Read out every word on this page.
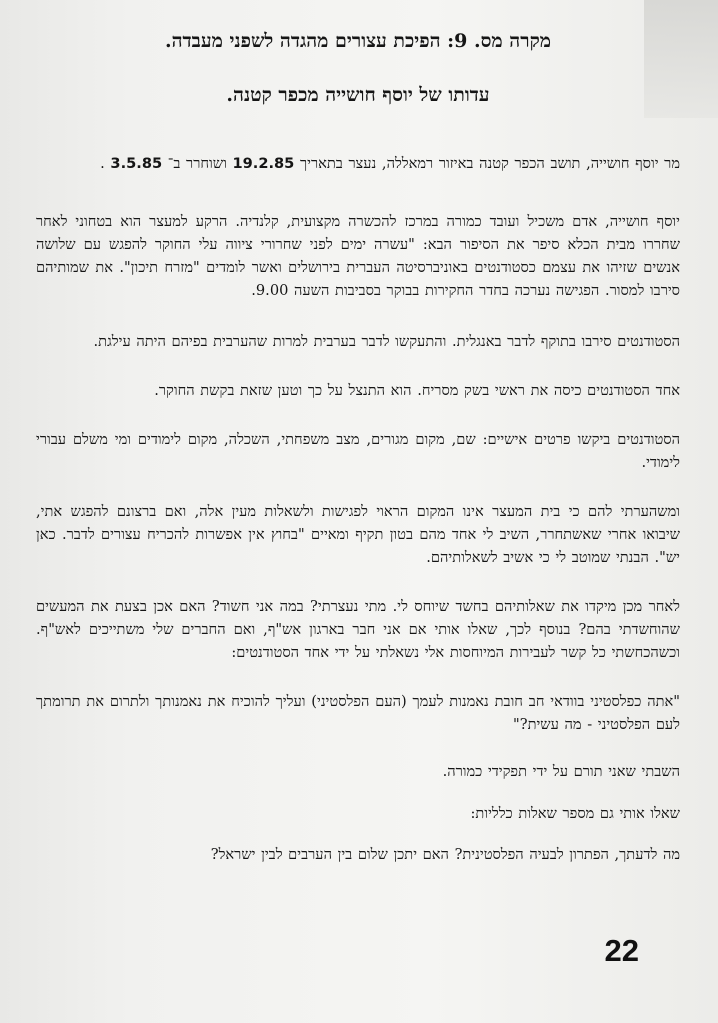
מקרה מס. 9: הפיכת עצורים מהגדה לשפני מעבדה.
עדותו של יוסף חושייה מכפר קטנה.

מר יוסף חושייה, תושב הכפר קטנה באיזור רמאללה, נעצר בתאריך 19.2.85 ושוחרר ב־ 3.5.85 .

יוסף חושייה, אדם משכיל ועובד כמורה במרכז להכשרה מקצועית, קלנדיה. הרקע למעצר הוא בטחוני לאחר שחררו מבית הכלא סיפר את הסיפור הבא: "עשרה ימים לפני שחרורי ציווה עלי החוקר להפגש עם שלושה אנשים שזיהו את עצמם כסטודנטים באוניברסיטה העברית בירושלים ואשר לומדים "מזרח תיכון". את שמותיהם סירבו למסור. הפגישה נערכה בחדר החקירות בבוקר בסביבות השעה 9.00.

הסטודנטים סירבו בתוקף לדבר באנגלית. והתעקשו לדבר בערבית למרות שהערבית בפיהם היתה עילגת.

אחד הסטודנטים כיסה את ראשי בשק מסריח. הוא התנצל על כך וטען שזאת בקשת החוקר.

הסטודנטים ביקשו פרטים אישיים: שם, מקום מגורים, מצב משפחתי, השכלה, מקום לימודים ומי משלם עבורי לימודי.

ומשהערתי להם כי בית המעצר אינו המקום הראוי לפגישות ולשאלות מעין אלה, ואם ברצונם להפגש אתי, שיבואו אחרי שאשתחרר, השיב לי אחד מהם בטון תקיף ומאיים "בחוץ אין אפשרות להכריח עצורים לדבר. כאן יש". הבנתי שמוטב לי כי אשיב לשאלותיהם.

לאחר מכן מיקדו את שאלותיהם בחשד שיוחס לי. מתי נעצרתי? במה אני חשוד? האם אכן בצעת את המעשים שהוחשדתי בהם? בנוסף לכך, שאלו אותי אם אני חבר בארגון אש"ף, ואם החברים שלי משתייכים לאש"ף. וכשהכחשתי כל קשר לעבירות המיוחסות אלי נשאלתי על ידי אחד הסטודנטים:

"אתה כפלסטיני בוודאי חב חובת נאמנות לעמך (העם הפלסטיני) ועליך להוכיח את נאמנותך ולתרום את תרומתך לעם הפלסטיני - מה עשית?"

השבתי שאני תורם על ידי תפקידי כמורה.

שאלו אותי גם מספר שאלות כלליות:

מה לדעתך, הפתרון לבעיה הפלסטינית? האם יתכן שלום בין הערבים לבין ישראל?

22
